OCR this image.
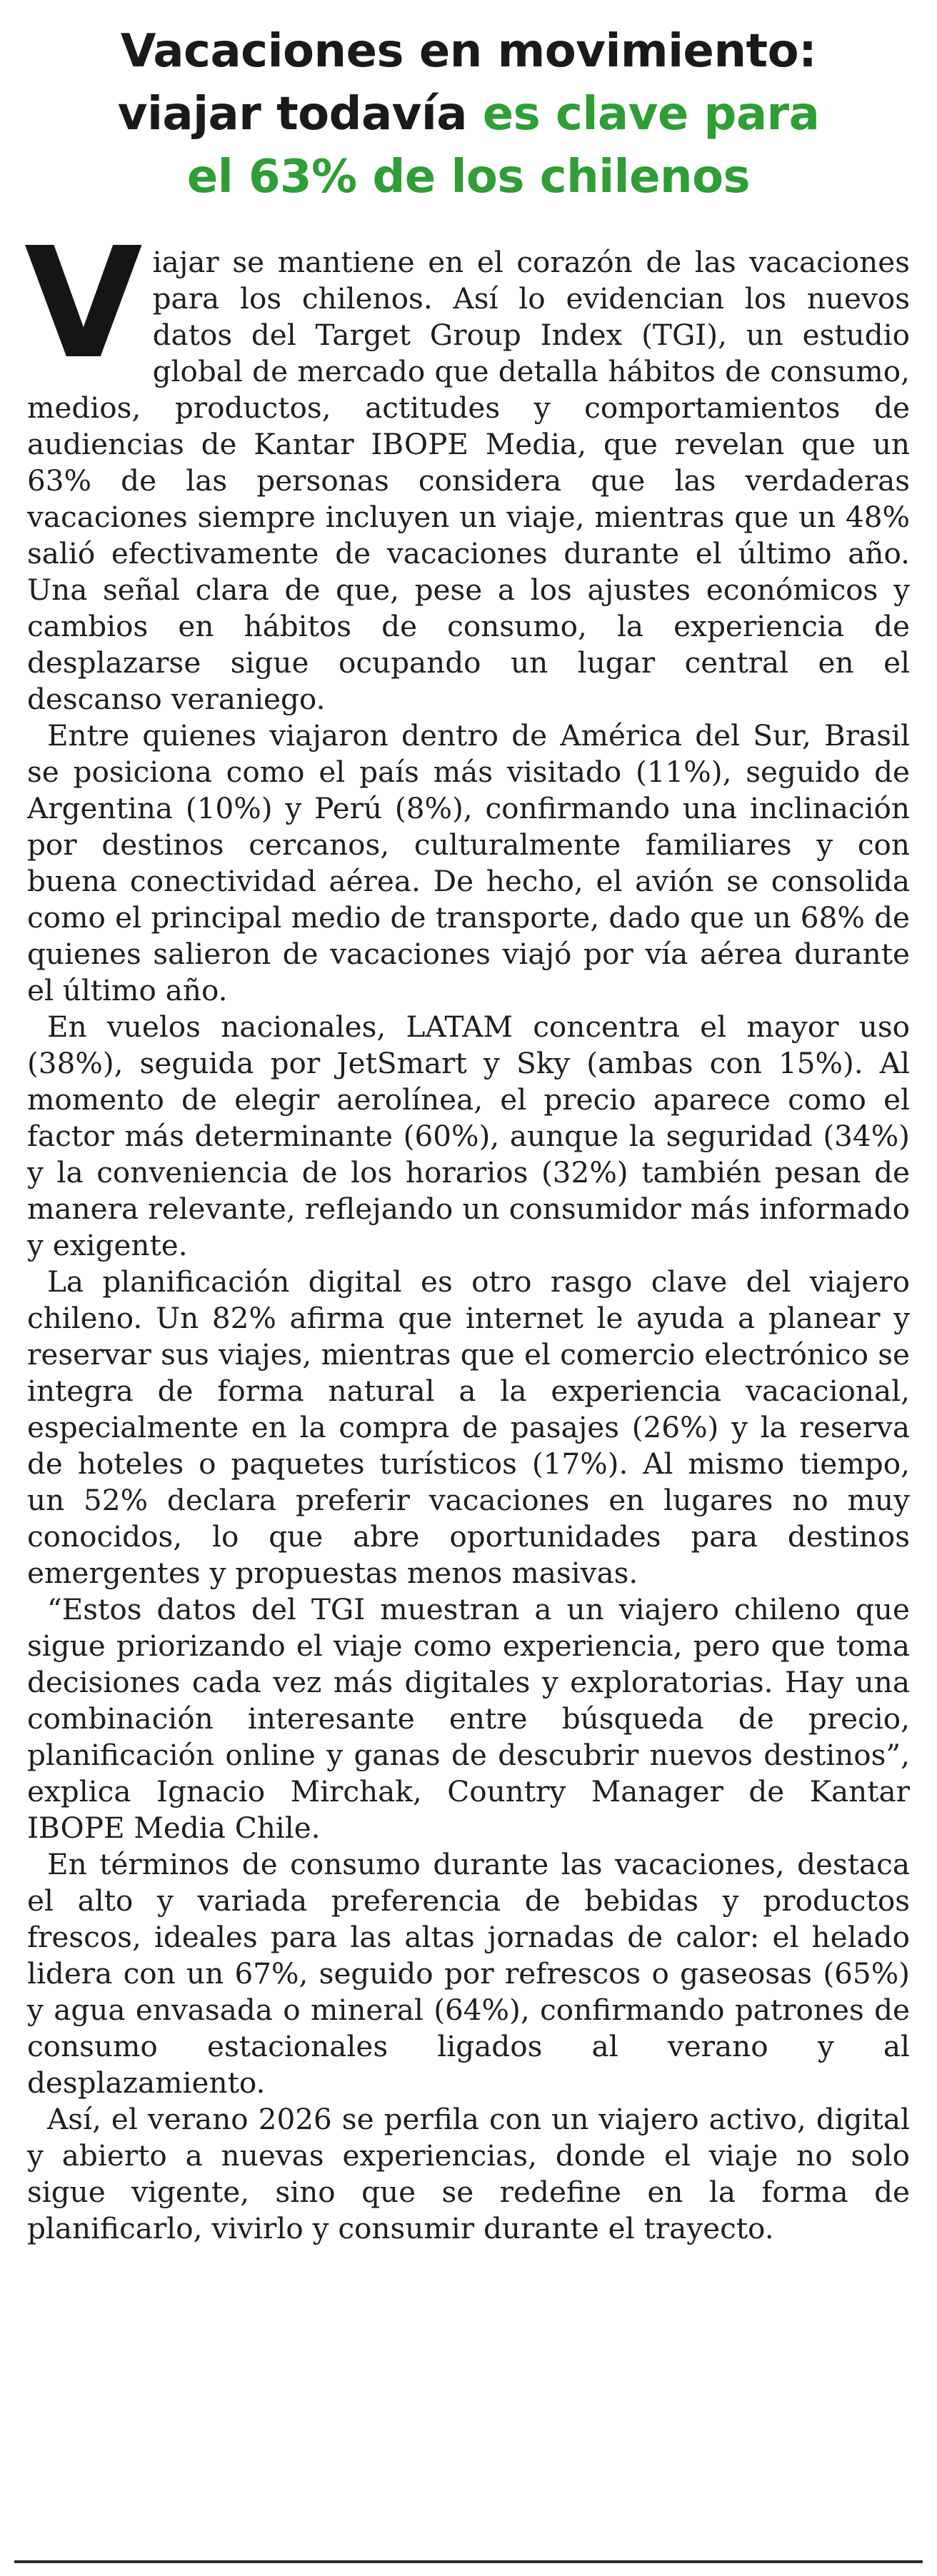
Vacaciones en movimiento:
viajar todavía es clave para
el 63% de los chilenos

Viajar se mantiene en el corazón de las vacaciones para los chilenos. Así lo evidencian los nuevos datos del Target Group Index (TGI), un estudio global de mercado que detalla hábitos de consumo, medios, productos, actitudes y comportamientos de audiencias de Kantar IBOPE Media, que revelan que un 63% de las personas considera que las verdaderas vacaciones siempre incluyen un viaje, mientras que un 48% salió efectivamente de vacaciones durante el último año. Una señal clara de que, pese a los ajustes económicos y cambios en hábitos de consumo, la experiencia de desplazarse sigue ocupando un lugar central en el descanso veraniego.

Entre quienes viajaron dentro de América del Sur, Brasil se posiciona como el país más visitado (11%), seguido de Argentina (10%) y Perú (8%), confirmando una inclinación por destinos cercanos, culturalmente familiares y con buena conectividad aérea. De hecho, el avión se consolida como el principal medio de transporte, dado que un 68% de quienes salieron de vacaciones viajó por vía aérea durante el último año.

En vuelos nacionales, LATAM concentra el mayor uso (38%), seguida por JetSmart y Sky (ambas con 15%). Al momento de elegir aerolínea, el precio aparece como el factor más determinante (60%), aunque la seguridad (34%) y la conveniencia de los horarios (32%) también pesan de manera relevante, reflejando un consumidor más informado y exigente.

La planificación digital es otro rasgo clave del viajero chileno. Un 82% afirma que internet le ayuda a planear y reservar sus viajes, mientras que el comercio electrónico se integra de forma natural a la experiencia vacacional, especialmente en la compra de pasajes (26%) y la reserva de hoteles o paquetes turísticos (17%). Al mismo tiempo, un 52% declara preferir vacaciones en lugares no muy conocidos, lo que abre oportunidades para destinos emergentes y propuestas menos masivas.

“Estos datos del TGI muestran a un viajero chileno que sigue priorizando el viaje como experiencia, pero que toma decisiones cada vez más digitales y exploratorias. Hay una combinación interesante entre búsqueda de precio, planificación online y ganas de descubrir nuevos destinos”, explica Ignacio Mirchak, Country Manager de Kantar IBOPE Media Chile.

En términos de consumo durante las vacaciones, destaca el alto y variada preferencia de bebidas y productos frescos, ideales para las altas jornadas de calor: el helado lidera con un 67%, seguido por refrescos o gaseosas (65%) y agua envasada o mineral (64%), confirmando patrones de consumo estacionales ligados al verano y al desplazamiento.

Así, el verano 2026 se perfila con un viajero activo, digital y abierto a nuevas experiencias, donde el viaje no solo sigue vigente, sino que se redefine en la forma de planificarlo, vivirlo y consumir durante el trayecto.
